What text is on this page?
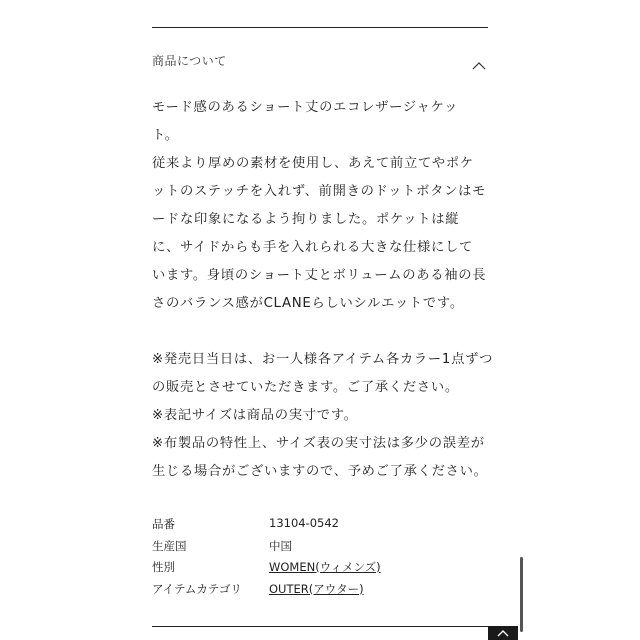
商品について
モード感のあるショート丈のエコレザージャケッ
ト。
従来より厚めの素材を使用し、あえて前立てやポケ
ットのステッチを入れず、前開きのドットボタンはモ
ードな印象になるよう拘りました。ポケットは縦
に、サイドからも手を入れられる大きな仕様にして
います。身頃のショート丈とボリュームのある袖の長
さのバランス感がCLANEらしいシルエットです。
※発売日当日は、お一人様各アイテム各カラー1点ずつ
の販売とさせていただきます。ご了承ください。
※表記サイズは商品の実寸です。
※布製品の特性上、サイズ表の実寸法は多少の誤差が
生じる場合がございますので、予めご了承ください。
品番	13104-0542
生産国	中国
性別	WOMEN(ウィメンズ)
アイテムカテゴリ OUTER(アウター)
